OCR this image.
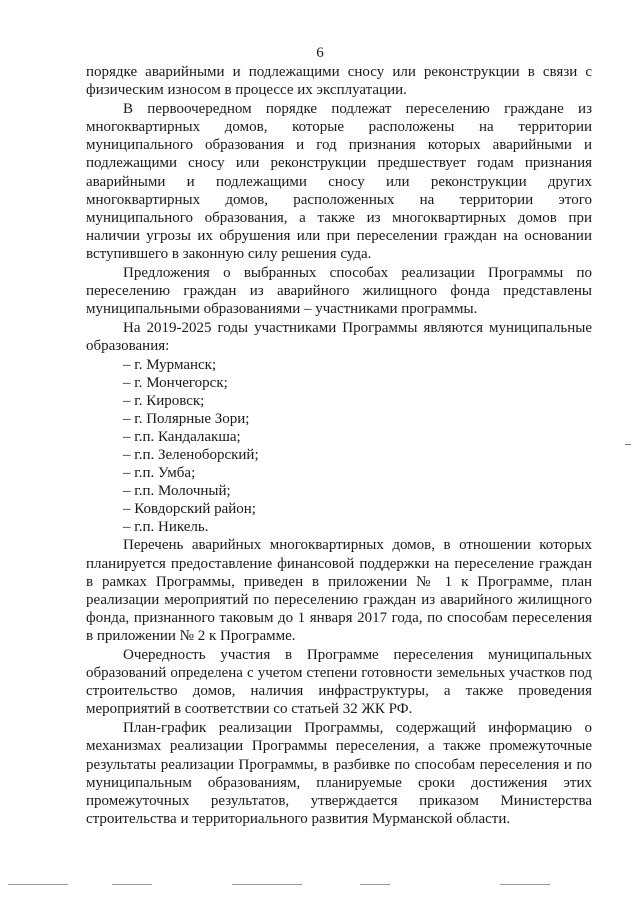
6

порядке аварийными и подлежащими сносу или реконструкции в связи с физическим износом в процессе их эксплуатации.

В первоочередном порядке подлежат переселению граждане из многоквартирных домов, которые расположены на территории муниципального образования и год признания которых аварийными и подлежащими сносу или реконструкции предшествует годам признания аварийными и подлежащими сносу или реконструкции других многоквартирных домов, расположенных на территории этого муниципального образования, а также из многоквартирных домов при наличии угрозы их обрушения или при переселении граждан на основании вступившего в законную силу решения суда.

Предложения о выбранных способах реализации Программы по переселению граждан из аварийного жилищного фонда представлены муниципальными образованиями – участниками программы.

На 2019-2025 годы участниками Программы являются муниципальные образования:

– г. Мурманск;
– г. Мончегорск;
– г. Кировск;
– г. Полярные Зори;
– г.п. Кандалакша;
– г.п. Зеленоборский;
– г.п. Умба;
– г.п. Молочный;
– Ковдорский район;
– г.п. Никель.

Перечень аварийных многоквартирных домов, в отношении которых планируется предоставление финансовой поддержки на переселение граждан в рамках Программы, приведен в приложении № 1 к Программе, план реализации мероприятий по переселению граждан из аварийного жилищного фонда, признанного таковым до 1 января 2017 года, по способам переселения в приложении № 2 к Программе.

Очередность участия в Программе переселения муниципальных образований определена с учетом степени готовности земельных участков под строительство домов, наличия инфраструктуры, а также проведения мероприятий в соответствии со статьей 32 ЖК РФ.

План-график реализации Программы, содержащий информацию о механизмах реализации Программы переселения, а также промежуточные результаты реализации Программы, в разбивке по способам переселения и по муниципальным образованиям, планируемые сроки достижения этих промежуточных результатов, утверждается приказом Министерства строительства и территориального развития Мурманской области.
